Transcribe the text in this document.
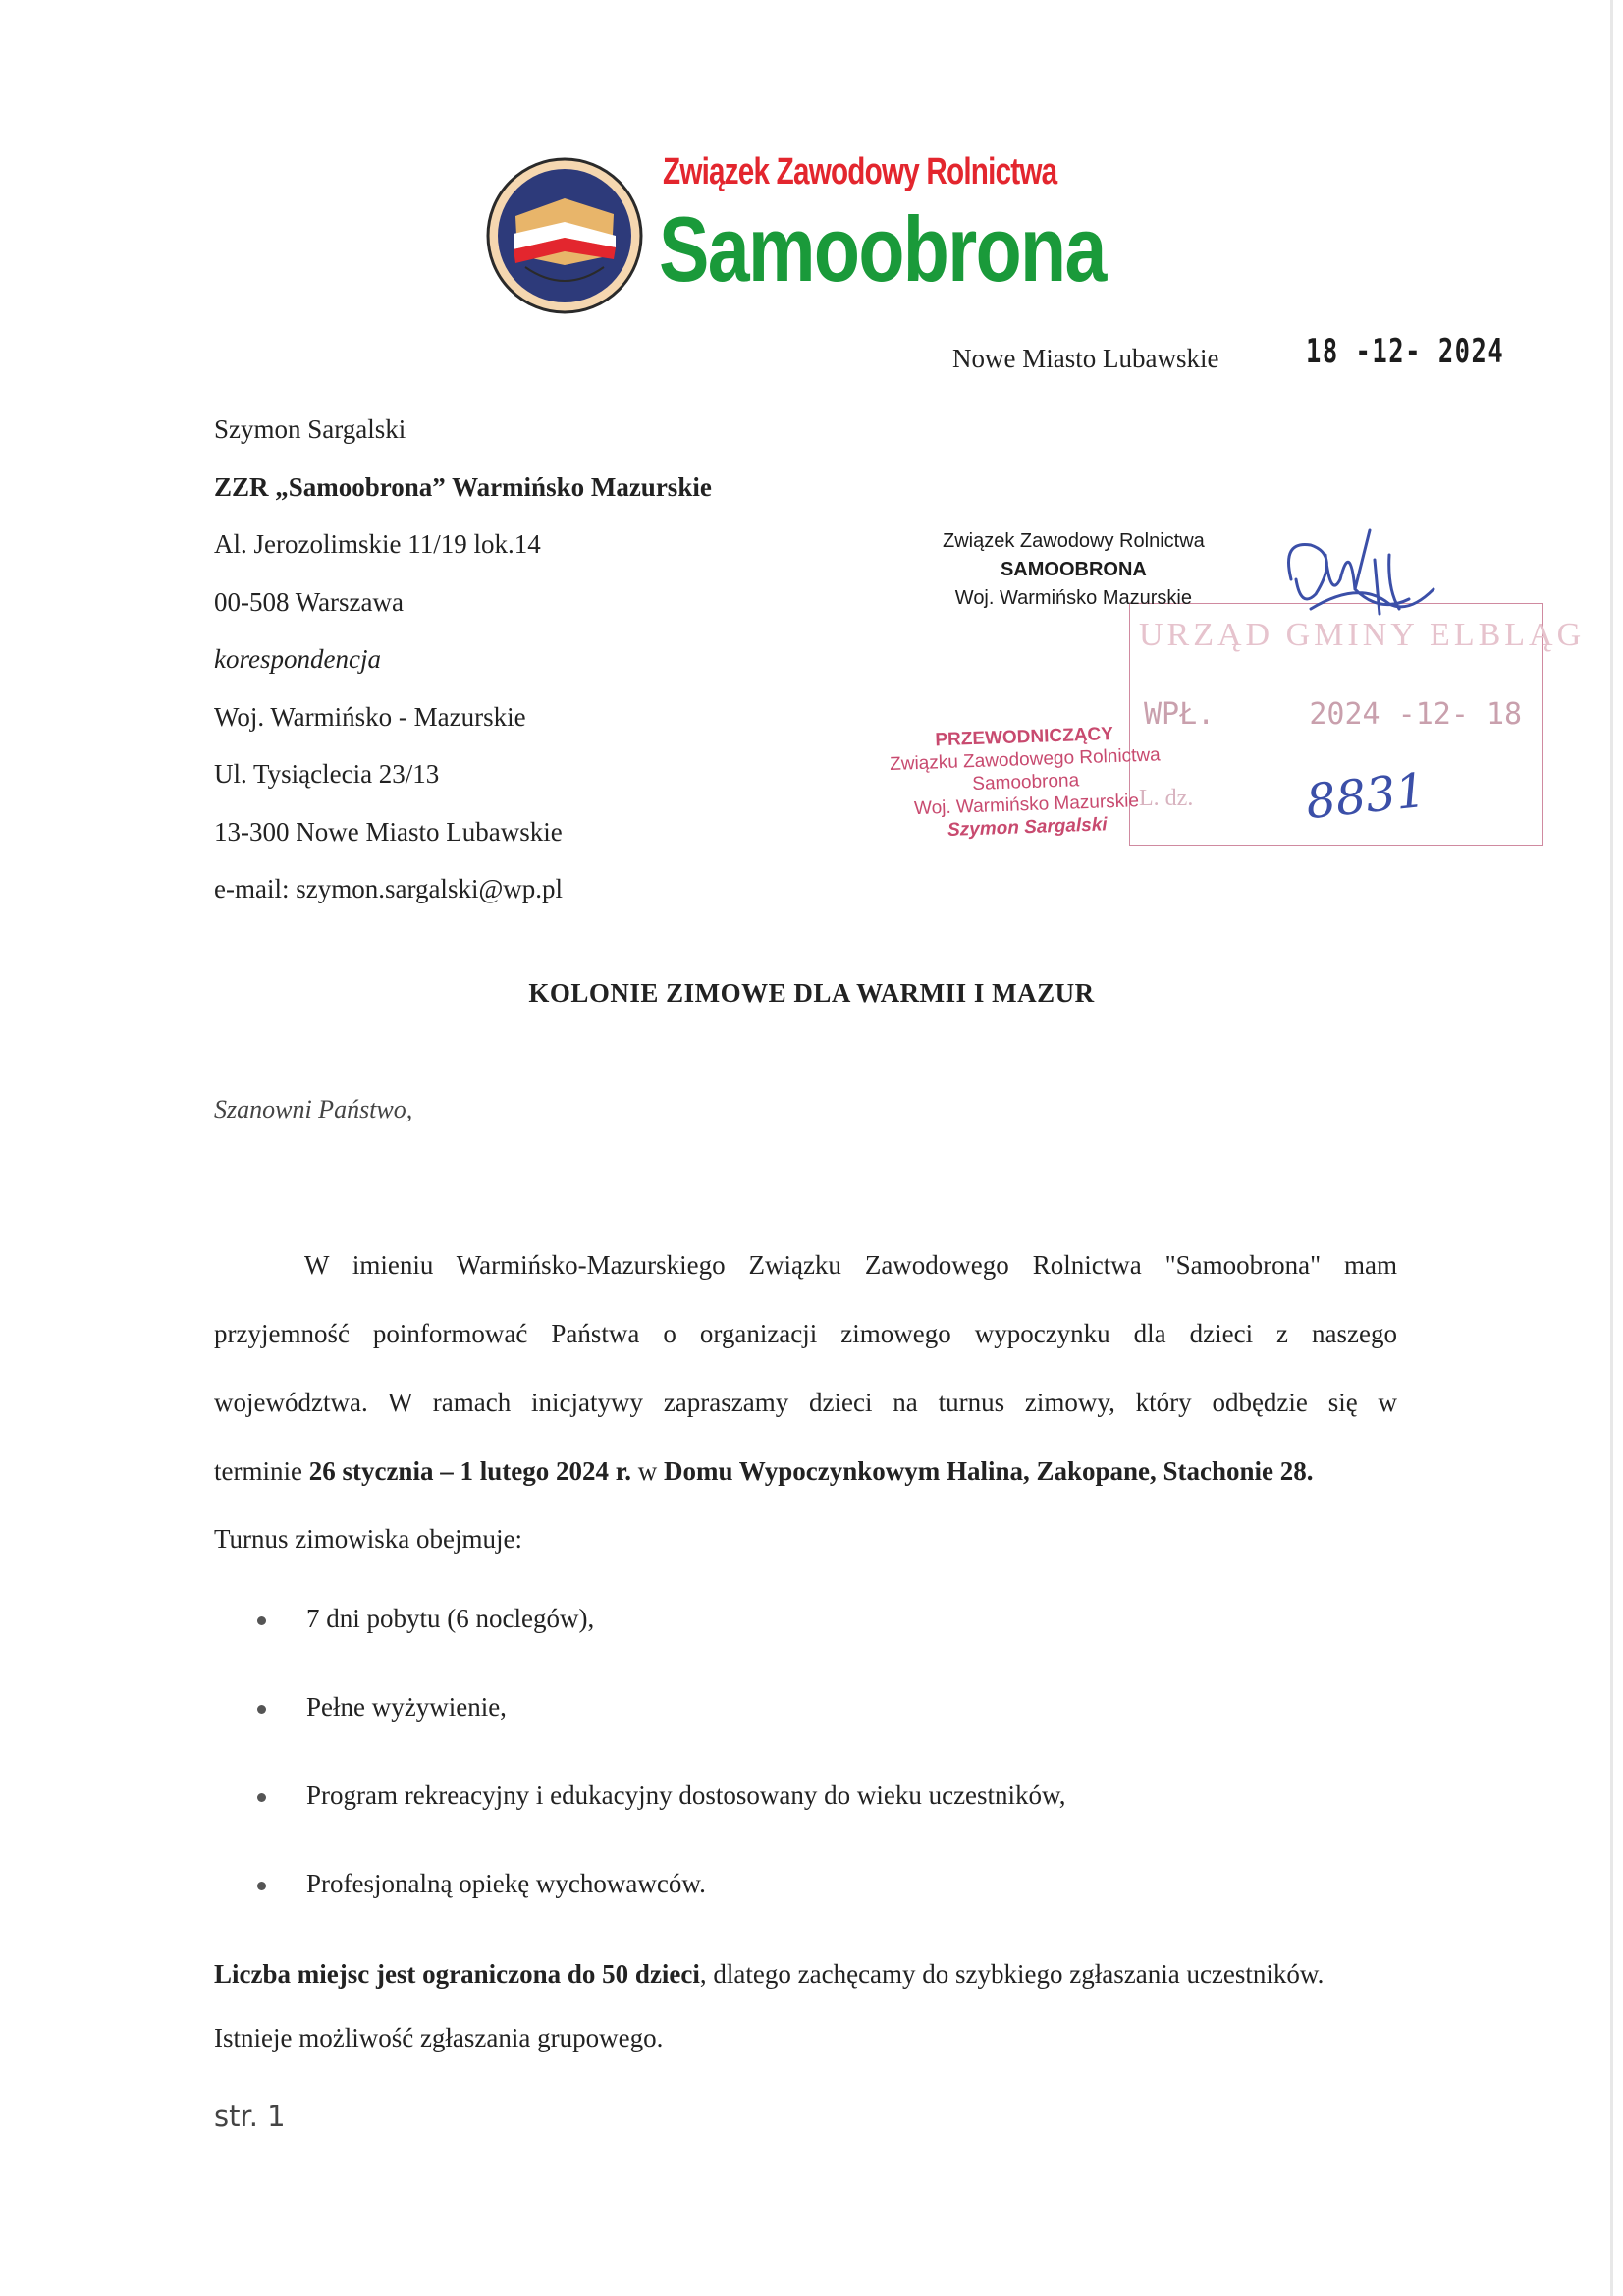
Związek Zawodowy Rolnictwa
Samoobrona
Nowe Miasto Lubawskie	18 -12- 2024
Szymon Sargalski
ZZR „Samoobrona” Warmińsko Mazurskie
Al. Jerozolimskie 11/19 lok.14
00-508 Warszawa
korespondencja
Woj. Warmińsko - Mazurskie
Ul. Tysiąclecia 23/13
13-300 Nowe Miasto Lubawskie
e-mail: szymon.sargalski@wp.pl
URZĄD GMINY ELBLĄG
WPŁ.	2024 -12- 18
L. dz. 8831
Związek Zawodowy Rolnictwa
SAMOOBRONA
Woj. Warmińsko Mazurskie
PRZEWODNICZĄCY
Związku Zawodowego Rolnictwa
Samoobrona
Woj. Warmińsko Mazurskie
Szymon Sargalski
KOLONIE ZIMOWE DLA WARMII I MAZUR
Szanowni Państwo,
W imieniu Warmińsko-Mazurskiego Związku Zawodowego Rolnictwa "Samoobrona" mam
przyjemność poinformować Państwa o organizacji zimowego wypoczynku dla dzieci z naszego
województwa. W ramach inicjatywy zapraszamy dzieci na turnus zimowy, który odbędzie się w
terminie 26 stycznia – 1 lutego 2024 r. w Domu Wypoczynkowym Halina, Zakopane, Stachonie 28.
Turnus zimowiska obejmuje:
7 dni pobytu (6 noclegów),
Pełne wyżywienie,
Program rekreacyjny i edukacyjny dostosowany do wieku uczestników,
Profesjonalną opiekę wychowawców.
Liczba miejsc jest ograniczona do 50 dzieci, dlatego zachęcamy do szybkiego zgłaszania uczestników.
Istnieje możliwość zgłaszania grupowego.
str. 1
